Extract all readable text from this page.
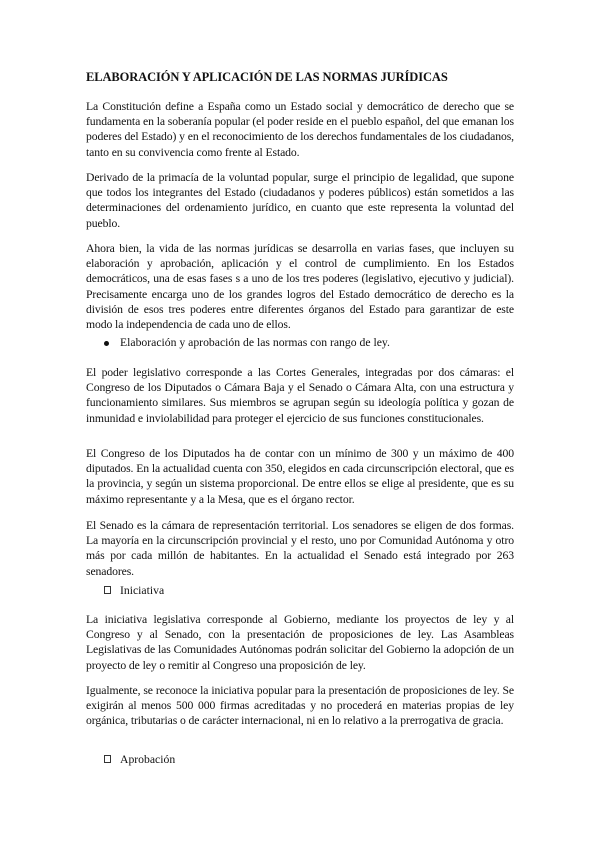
ELABORACIÓN Y APLICACIÓN DE LAS NORMAS JURÍDICAS

La Constitución define a España como un Estado social y democrático de derecho que se fundamenta en la soberanía popular (el poder reside en el pueblo español, del que emanan los poderes del Estado) y en el reconocimiento de los derechos fundamentales de los ciudadanos, tanto en su convivencia como frente al Estado.

Derivado de la primacía de la voluntad popular, surge el principio de legalidad, que supone que todos los integrantes del Estado (ciudadanos y poderes públicos) están sometidos a las determinaciones del ordenamiento jurídico, en cuanto que este representa la voluntad del pueblo.

Ahora bien, la vida de las normas jurídicas se desarrolla en varias fases, que incluyen su elaboración y aprobación, aplicación y el control de cumplimiento. En los Estados democráticos, una de esas fases s a uno de los tres poderes (legislativo, ejecutivo y judicial). Precisamente encarga uno de los grandes logros del Estado democrático de derecho es la división de esos tres poderes entre diferentes órganos del Estado para garantizar de este modo la independencia de cada uno de ellos.

Elaboración y aprobación de las normas con rango de ley.

El poder legislativo corresponde a las Cortes Generales, integradas por dos cámaras: el Congreso de los Diputados o Cámara Baja y el Senado o Cámara Alta, con una estructura y funcionamiento similares. Sus miembros se agrupan según su ideología política y gozan de inmunidad e inviolabilidad para proteger el ejercicio de sus funciones constitucionales.

El Congreso de los Diputados ha de contar con un mínimo de 300 y un máximo de 400 diputados. En la actualidad cuenta con 350, elegidos en cada circunscripción electoral, que es la provincia, y según un sistema proporcional. De entre ellos se elige al presidente, que es su máximo representante y a la Mesa, que es el órgano rector.

El Senado es la cámara de representación territorial. Los senadores se eligen de dos formas. La mayoría en la circunscripción provincial y el resto, uno por Comunidad Autónoma y otro más por cada millón de habitantes. En la actualidad el Senado está integrado por 263 senadores.

Iniciativa

La iniciativa legislativa corresponde al Gobierno, mediante los proyectos de ley y al Congreso y al Senado, con la presentación de proposiciones de ley. Las Asambleas Legislativas de las Comunidades Autónomas podrán solicitar del Gobierno la adopción de un proyecto de ley o remitir al Congreso una proposición de ley.

Igualmente, se reconoce la iniciativa popular para la presentación de proposiciones de ley. Se exigirán al menos 500 000 firmas acreditadas y no procederá en materias propias de ley orgánica, tributarias o de carácter internacional, ni en lo relativo a la prerrogativa de gracia.

Aprobación
